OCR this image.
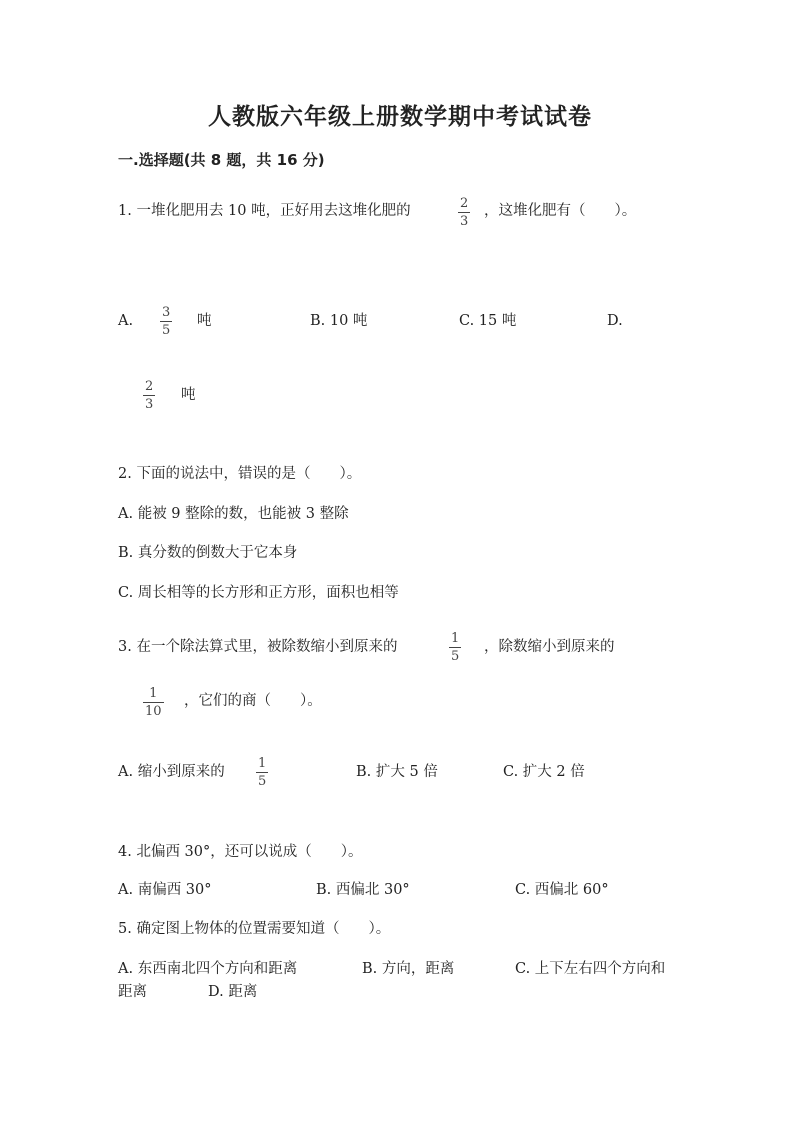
人教版六年级上册数学期中考试试卷
一.选择题(共 8 题，共 16 分)
1. 一堆化肥用去 10 吨，正好用去这堆化肥的	2
3
，这堆化肥有（　　）。
A.
3
5
吨	B. 10 吨	C. 15 吨	D.
2
3
吨
2. 下面的说法中，错误的是（　　）。
A. 能被 9 整除的数，也能被 3 整除
B. 真分数的倒数大于它本身
C. 周长相等的长方形和正方形，面积也相等
3. 在一个除法算式里，被除数缩小到原来的
1
5
，除数缩小到原来的
1
10
，它们的商（　　）。
A. 缩小到原来的
1
5
B. 扩大 5 倍	C. 扩大 2 倍
4. 北偏西 30°，还可以说成（　　）。
A. 南偏西 30°	B. 西偏北 30°	C. 西偏北 60°
5. 确定图上物体的位置需要知道（　　）。
A. 东西南北四个方向和距离	B. 方向，距离	C. 上下左右四个方向和
距离	D. 距离
